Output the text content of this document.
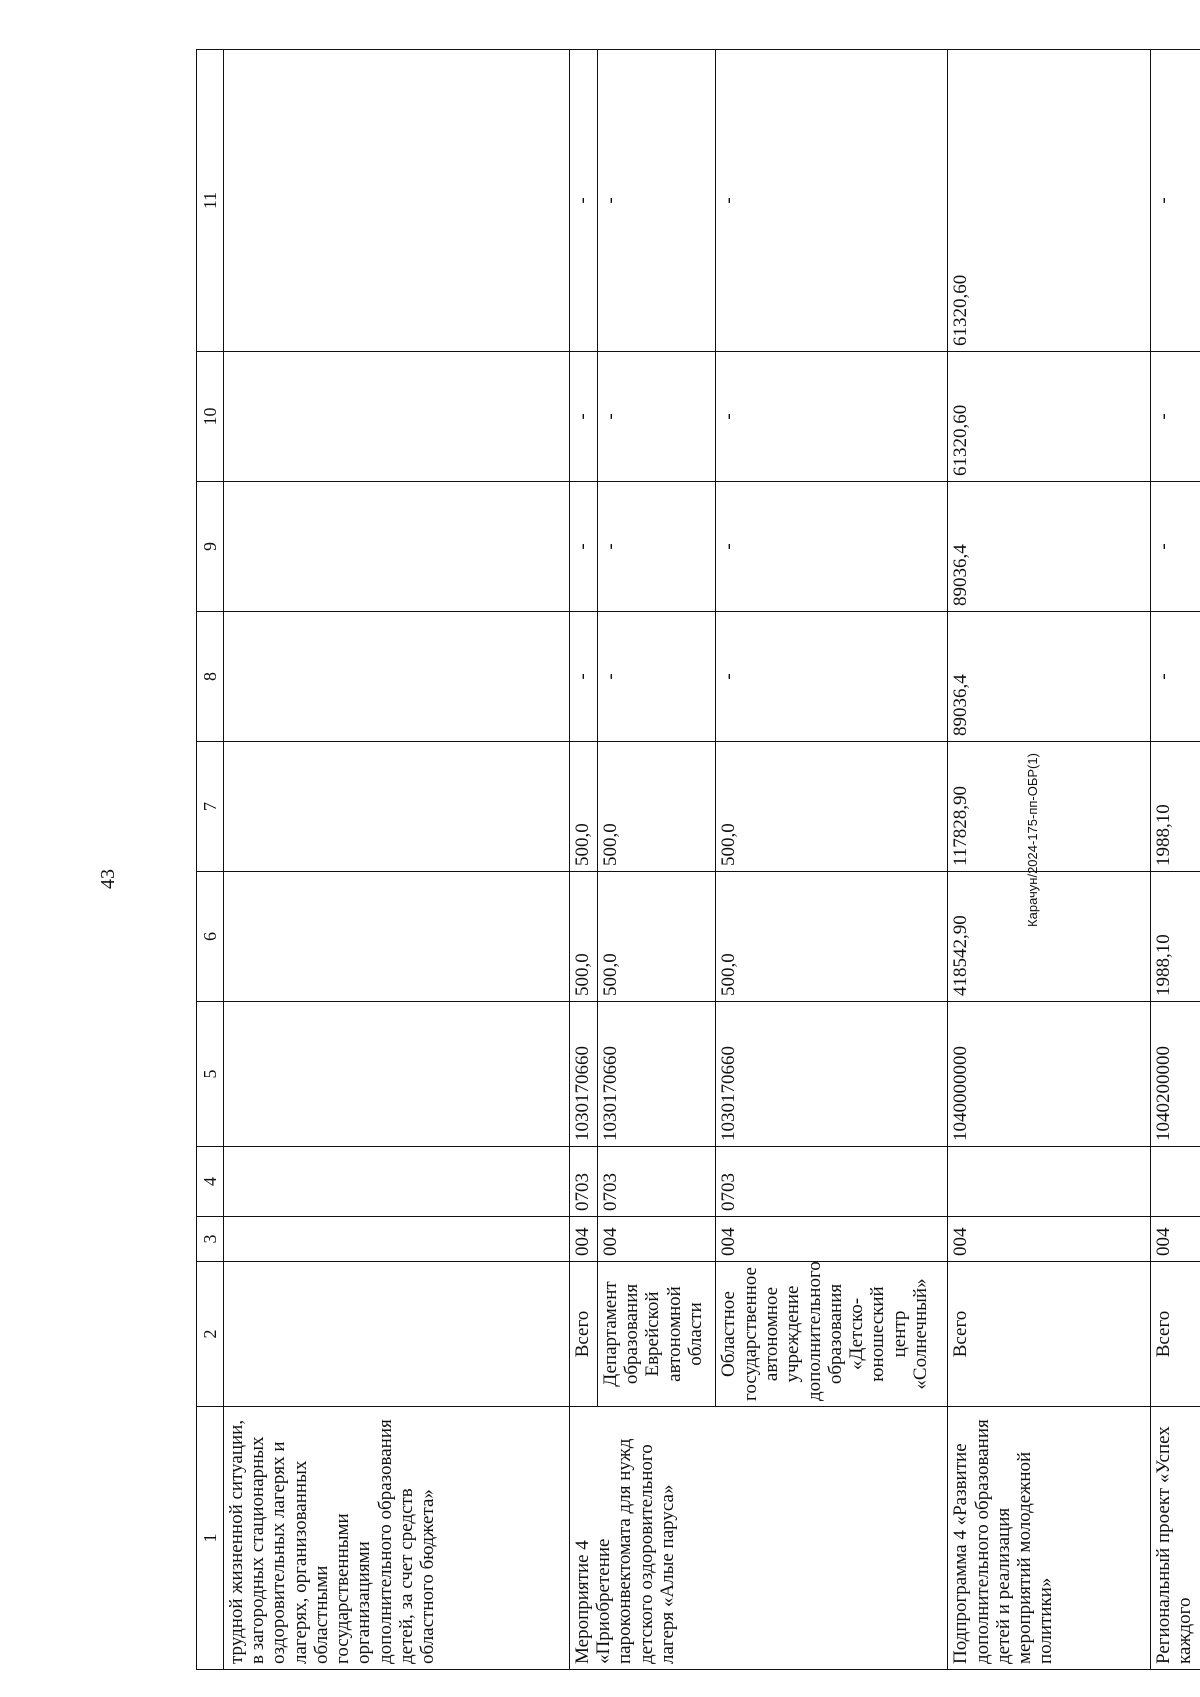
43	Карачун/2024-175-пп-ОБР(1)
1	2	3	4	5	6	7	8	9	10	11
трудной жизненной ситуации, в загородных стационарных оздоровительных лагерях и лагерях, организованных областными государственными организациями дополнительного образования детей, за счет средств областного бюджета»										
Мероприятие 4 «Приобретение пароконвектомата для нужд детского оздоровительного лагеря «Алые паруса»	Всего	004	0703	1030170660	500,0	500,0	-	-	-	-
	Департамент образования Еврейской автономной области	004	0703	1030170660	500,0	500,0	-	-	-	-
	Областное государственное автономное учреждение дополнительного образования «Детско-юношеский центр «Солнечный»	004	0703	1030170660	500,0	500,0	-	-	-	-
Подпрограмма 4 «Развитие дополнительного образования детей и реализация мероприятий молодежной политики»	Всего	004		1040000000	418542,90	117828,90	89036,4	89036,4	61320,60	61320,60
Региональный проект «Успех каждого	Всего	004		1040200000	1988,10	1988,10	-	-	-	-
